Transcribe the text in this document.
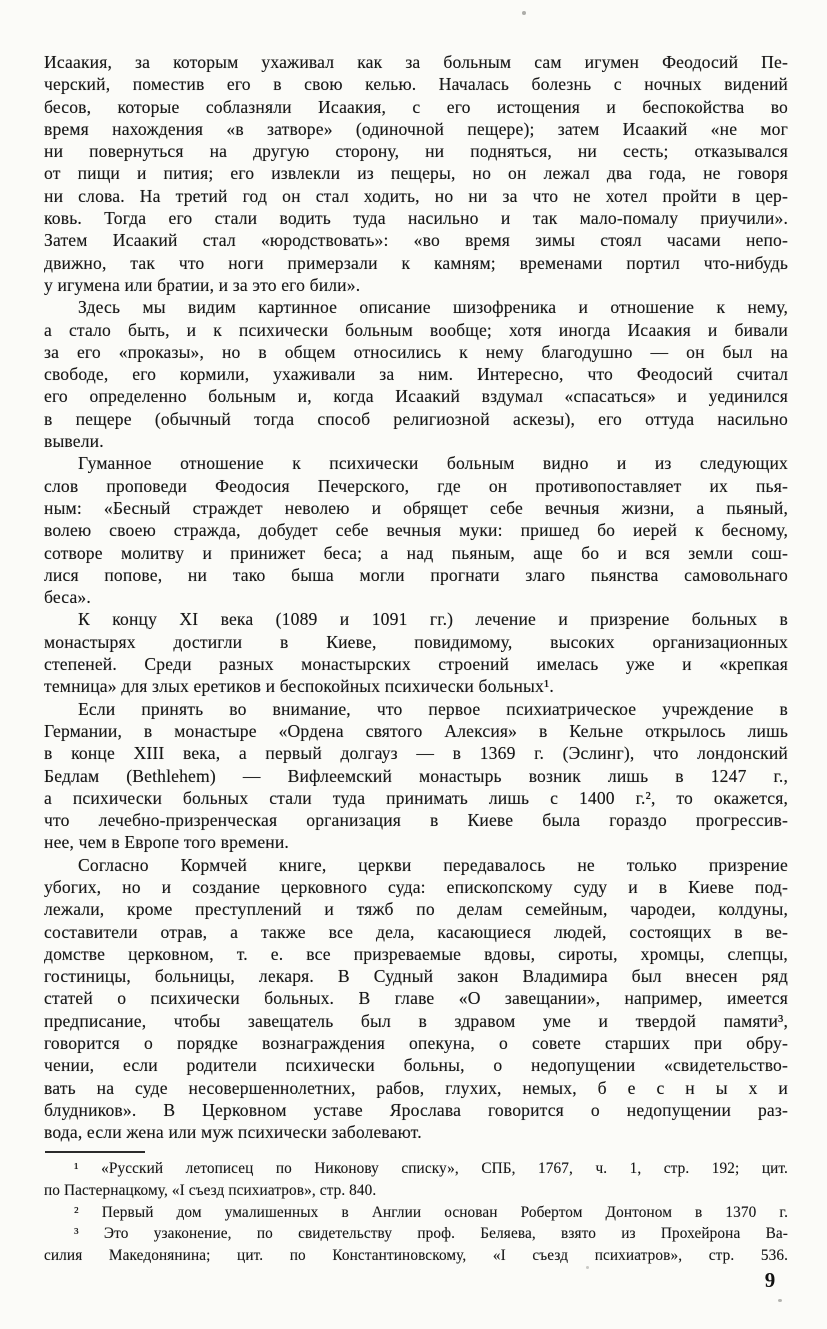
Исаакия, за которым ухаживал как за больным сам игумен Феодосий Пе-
черский, поместив его в свою келью. Началась болезнь с ночных видений
бесов, которые соблазняли Исаакия, с его истощения и беспокойства во
время нахождения «в затворе» (одиночной пещере); затем Исаакий «не мог
ни повернуться на другую сторону, ни подняться, ни сесть; отказывался
от пищи и пития; его извлекли из пещеры, но он лежал два года, не говоря
ни слова. На третий год он стал ходить, но ни за что не хотел пройти в цер-
ковь. Тогда его стали водить туда насильно и так мало-помалу приучили».
Затем Исаакий стал «юродствовать»: «во время зимы стоял часами непо-
движно, так что ноги примерзали к камням; временами портил что-нибудь
у игумена или братии, и за это его били».
Здесь мы видим картинное описание шизофреника и отношение к нему,
а стало быть, и к психически больным вообще; хотя иногда Исаакия и бивали
за его «проказы», но в общем относились к нему благодушно — он был на
свободе, его кормили, ухаживали за ним. Интересно, что Феодосий считал
его определенно больным и, когда Исаакий вздумал «спасаться» и уединился
в пещере (обычный тогда способ религиозной аскезы), его оттуда насильно
вывели.
Гуманное отношение к психически больным видно и из следующих
слов проповеди Феодосия Печерского, где он противопоставляет их пья-
ным: «Бесный страждет неволею и обрящет себе вечныя жизни, а пьяный,
волею своею стражда, добудет себе вечныя муки: пришед бо иерей к бесному,
сотворе молитву и принижет беса; а над пьяным, аще бо и вся земли сош-
лися попове, ни тако быша могли прогнати злаго пьянства самовольнаго
беса».
К концу XI века (1089 и 1091 гг.) лечение и призрение больных в
монастырях достигли в Киеве, повидимому, высоких организационных
степеней. Среди разных монастырских строений имелась уже и «крепкая
темница» для злых еретиков и беспокойных психически больных¹.
Если принять во внимание, что первое психиатрическое учреждение в
Германии, в монастыре «Ордена святого Алексия» в Кельне открылось лишь
в конце XIII века, а первый долгауз — в 1369 г. (Эслинг), что лондонский
Бедлам (Bethlehem) — Вифлеемский монастырь возник лишь в 1247 г.,
а психически больных стали туда принимать лишь с 1400 г.², то окажется,
что лечебно-призренческая организация в Киеве была гораздо прогрессив-
нее, чем в Европе того времени.
Согласно Кормчей книге, церкви передавалось не только призрение
убогих, но и создание церковного суда: епископскому суду и в Киеве под-
лежали, кроме преступлений и тяжб по делам семейным, чародеи, колдуны,
составители отрав, а также все дела, касающиеся людей, состоящих в ве-
домстве церковном, т. е. все призреваемые вдовы, сироты, хромцы, слепцы,
гостиницы, больницы, лекаря. В Судный закон Владимира был внесен ряд
статей о психически больных. В главе «О завещании», например, имеется
предписание, чтобы завещатель был в здравом уме и твердой памяти³,
говорится о порядке вознаграждения опекуна, о совете старших при обру-
чении, если родители психически больны, о недопущении «свидетельство-
вать на суде несовершеннолетних, рабов, глухих, немых, б е с н ы х и
блудников». В Церковном уставе Ярослава говорится о недопущении раз-
вода, если жена или муж психически заболевают.
¹ «Русский летописец по Никонову списку», СПБ, 1767, ч. 1, стр. 192; цит.
по Пастернацкому, «I съезд психиатров», стр. 840.
² Первый дом умалишенных в Англии основан Робертом Донтоном в 1370 г.
³ Это узаконение, по свидетельству проф. Беляева, взято из Прохейрона Ва-
силия Македонянина; цит. по Константиновскому, «I съезд психиатров», стр. 536.
9
